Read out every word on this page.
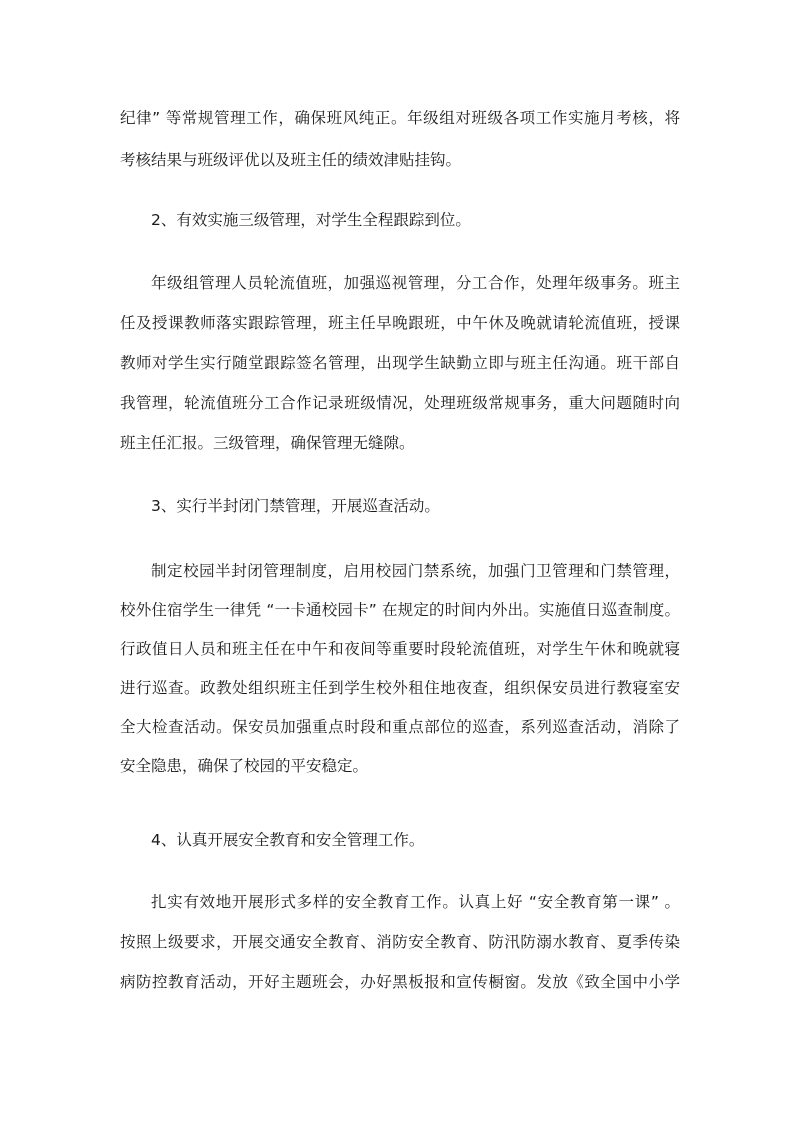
纪律” 等常规管理工作，确保班风纯正。年级组对班级各项工作实施月考核，将
考核结果与班级评优以及班主任的绩效津贴挂钩。
2、有效实施三级管理，对学生全程跟踪到位。
年级组管理人员轮流值班，加强巡视管理，分工合作，处理年级事务。班主
任及授课教师落实跟踪管理，班主任早晚跟班，中午休及晚就请轮流值班，授课
教师对学生实行随堂跟踪签名管理，出现学生缺勤立即与班主任沟通。班干部自
我管理，轮流值班分工合作记录班级情况，处理班级常规事务，重大问题随时向
班主任汇报。三级管理，确保管理无缝隙。
3、实行半封闭门禁管理，开展巡查活动。
制定校园半封闭管理制度，启用校园门禁系统，加强门卫管理和门禁管理，
校外住宿学生一律凭 “一卡通校园卡” 在规定的时间内外出。实施值日巡查制度。
行政值日人员和班主任在中午和夜间等重要时段轮流值班，对学生午休和晚就寝
进行巡查。政教处组织班主任到学生校外租住地夜查，组织保安员进行教寝室安
全大检查活动。保安员加强重点时段和重点部位的巡查，系列巡查活动，消除了
安全隐患，确保了校园的平安稳定。
4、认真开展安全教育和安全管理工作。
扎实有效地开展形式多样的安全教育工作。认真上好 “安全教育第一课” 。
按照上级要求，开展交通安全教育、消防安全教育、防汛防溺水教育、夏季传染
病防控教育活动，开好主题班会，办好黑板报和宣传橱窗。发放《致全国中小学
